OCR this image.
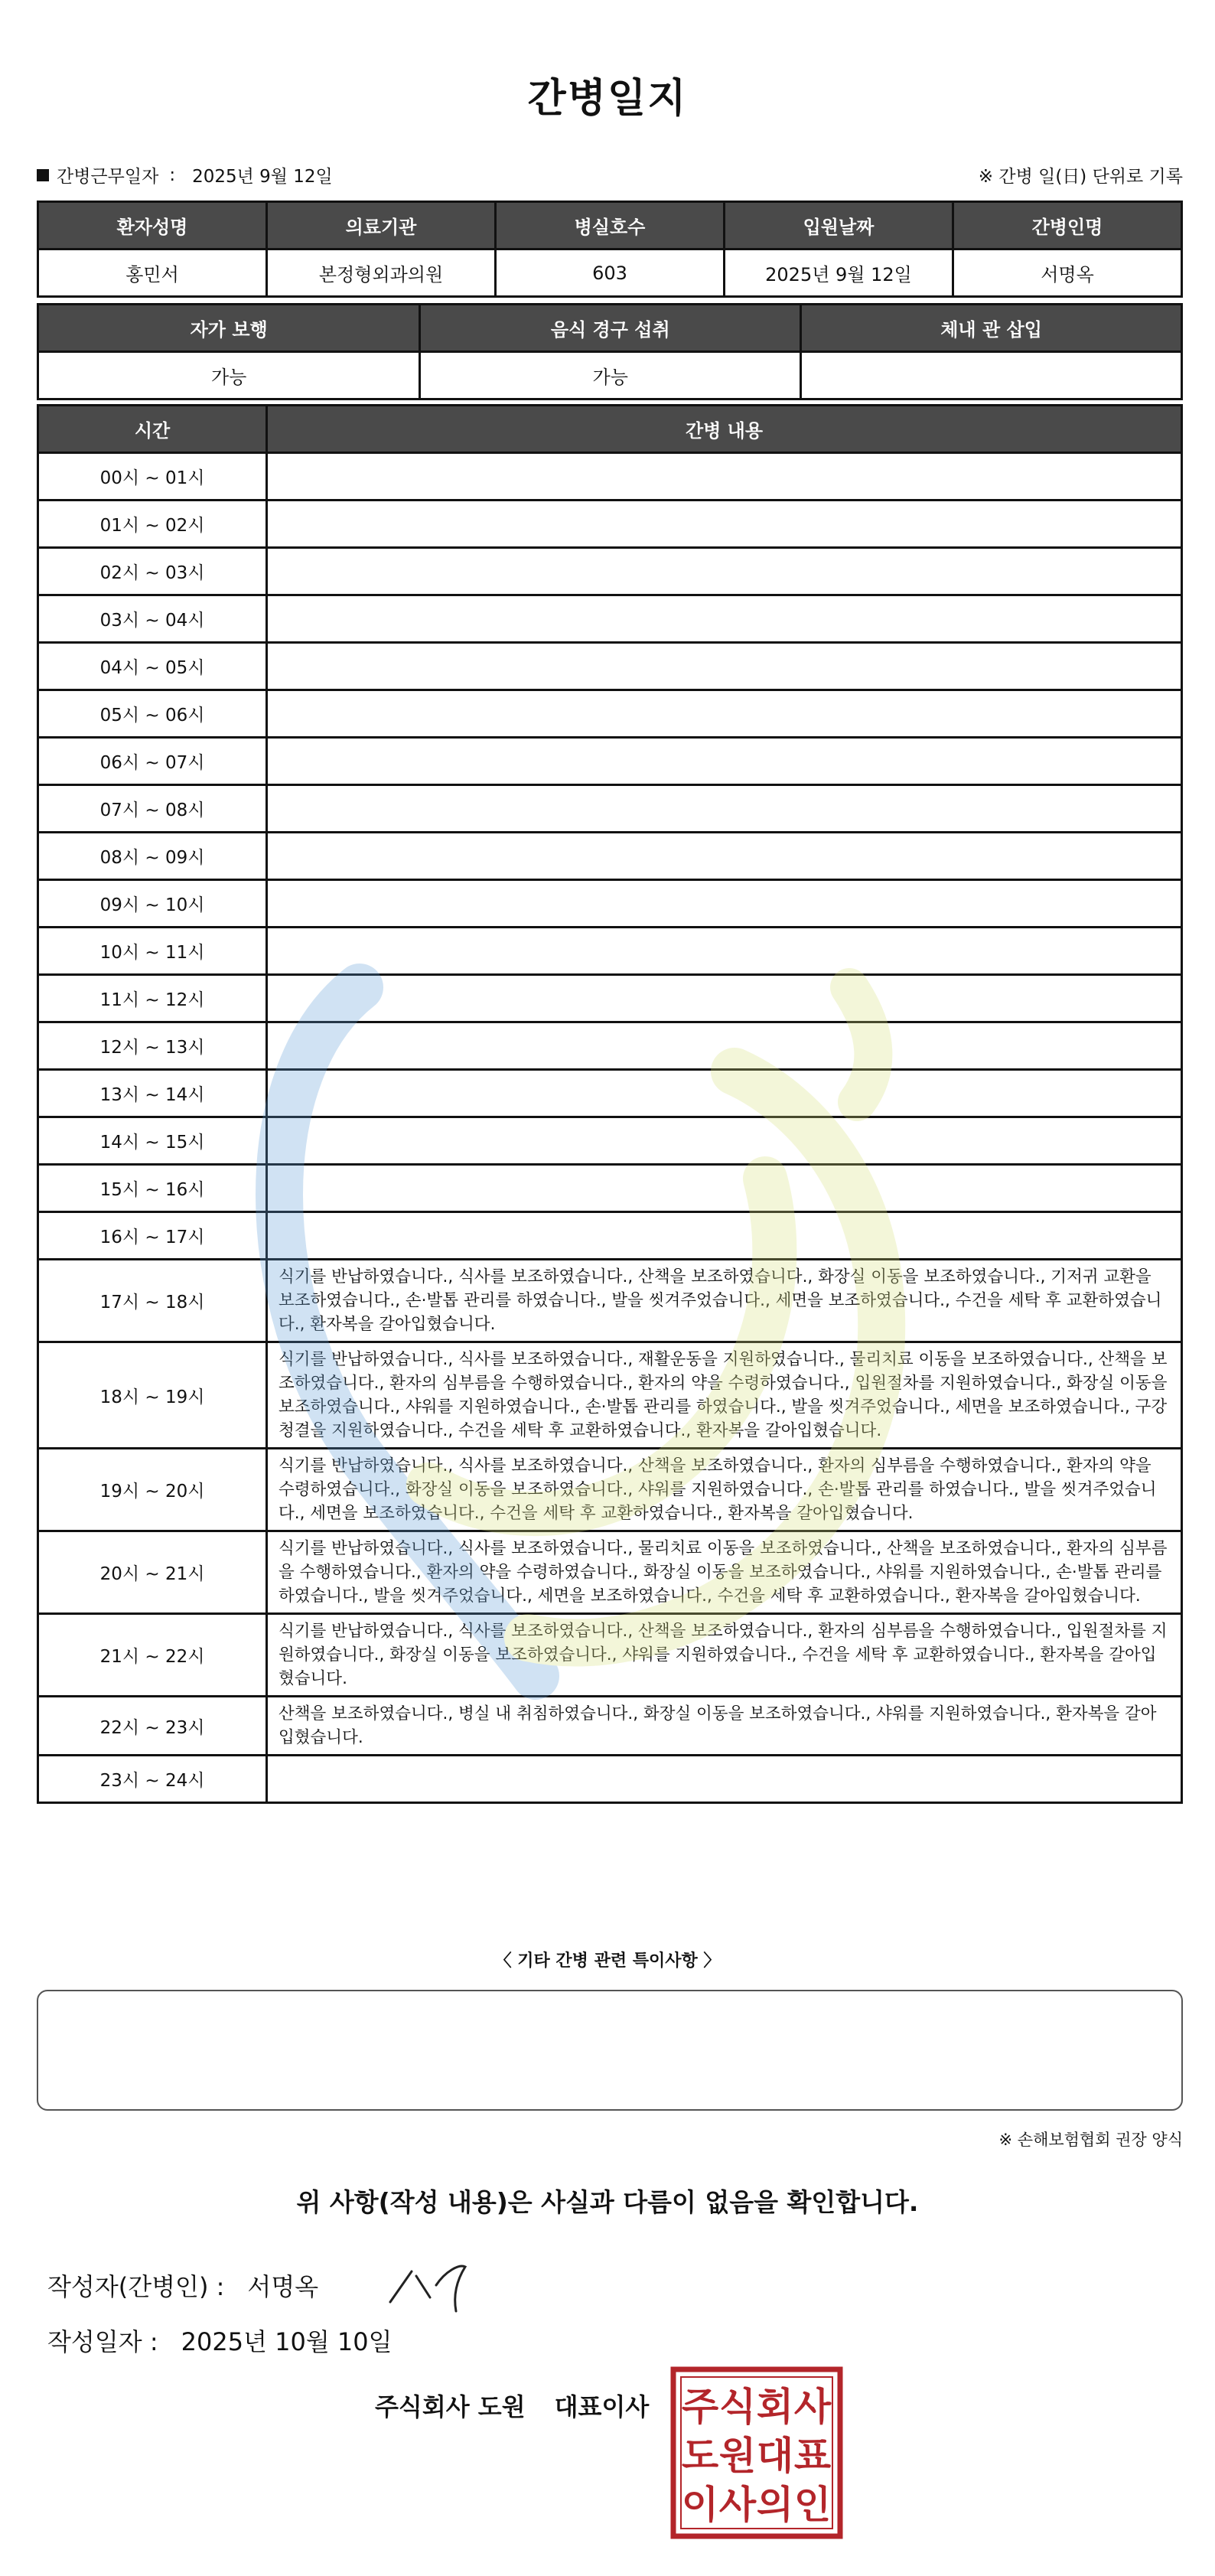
간병일지
간병근무일자 : 2025년 9월 12일	※ 간병 일(日) 단위로 기록
환자성명	의료기관	병실호수	입원날짜	간병인명
홍민서	본정형외과의원	603	2025년 9월 12일	서명옥
자가 보행	음식 경구 섭취	체내 관 삽입
가능	가능	
시간	간병 내용
00시 ~ 01시	
01시 ~ 02시	
02시 ~ 03시	
03시 ~ 04시	
04시 ~ 05시	
05시 ~ 06시	
06시 ~ 07시	
07시 ~ 08시	
08시 ~ 09시	
09시 ~ 10시	
10시 ~ 11시	
11시 ~ 12시	
12시 ~ 13시	
13시 ~ 14시	
14시 ~ 15시	
15시 ~ 16시	
16시 ~ 17시	
17시 ~ 18시	식기를 반납하였습니다., 식사를 보조하였습니다., 산책을 보조하였습니다., 화장실 이동을 보조하였습니다., 기저귀 교환을 보조하였습니다., 손·발톱 관리를 하였습니다., 발을 씻겨주었습니다., 세면을 보조하였습니다., 수건을 세탁 후 교환하였습니다., 환자복을 갈아입혔습니다.
18시 ~ 19시	식기를 반납하였습니다., 식사를 보조하였습니다., 재활운동을 지원하였습니다., 물리치료 이동을 보조하였습니다., 산책을 보조하였습니다., 환자의 심부름을 수행하였습니다., 환자의 약을 수령하였습니다., 입원절차를 지원하였습니다., 화장실 이동을 보조하였습니다., 샤워를 지원하였습니다., 손·발톱 관리를 하였습니다., 발을 씻겨주었습니다., 세면을 보조하였습니다., 구강청결을 지원하였습니다., 수건을 세탁 후 교환하였습니다., 환자복을 갈아입혔습니다.
19시 ~ 20시	식기를 반납하였습니다., 식사를 보조하였습니다., 산책을 보조하였습니다., 환자의 심부름을 수행하였습니다., 환자의 약을 수령하였습니다., 화장실 이동을 보조하였습니다., 샤워를 지원하였습니다., 손·발톱 관리를 하였습니다., 발을 씻겨주었습니다., 세면을 보조하였습니다., 수건을 세탁 후 교환하였습니다., 환자복을 갈아입혔습니다.
20시 ~ 21시	식기를 반납하였습니다., 식사를 보조하였습니다., 물리치료 이동을 보조하였습니다., 산책을 보조하였습니다., 환자의 심부름을 수행하였습니다., 환자의 약을 수령하였습니다., 화장실 이동을 보조하였습니다., 샤워를 지원하였습니다., 손·발톱 관리를 하였습니다., 발을 씻겨주었습니다., 세면을 보조하였습니다., 수건을 세탁 후 교환하였습니다., 환자복을 갈아입혔습니다.
21시 ~ 22시	식기를 반납하였습니다., 식사를 보조하였습니다., 산책을 보조하였습니다., 환자의 심부름을 수행하였습니다., 입원절차를 지원하였습니다., 화장실 이동을 보조하였습니다., 샤워를 지원하였습니다., 수건을 세탁 후 교환하였습니다., 환자복을 갈아입혔습니다.
22시 ~ 23시	산책을 보조하였습니다., 병실 내 취침하였습니다., 화장실 이동을 보조하였습니다., 샤워를 지원하였습니다., 환자복을 갈아입혔습니다.
23시 ~ 24시	
〈 기타 간병 관련 특이사항 〉
※ 손해보험협회 권장 양식
위 사항(작성 내용)은 사실과 다름이 없음을 확인합니다.
작성자(간병인) : 서명옥
작성일자 : 2025년 10월 10일
주식회사 도원 대표이사 주 식 회 사
도 원 대 표
이 사 의 인
